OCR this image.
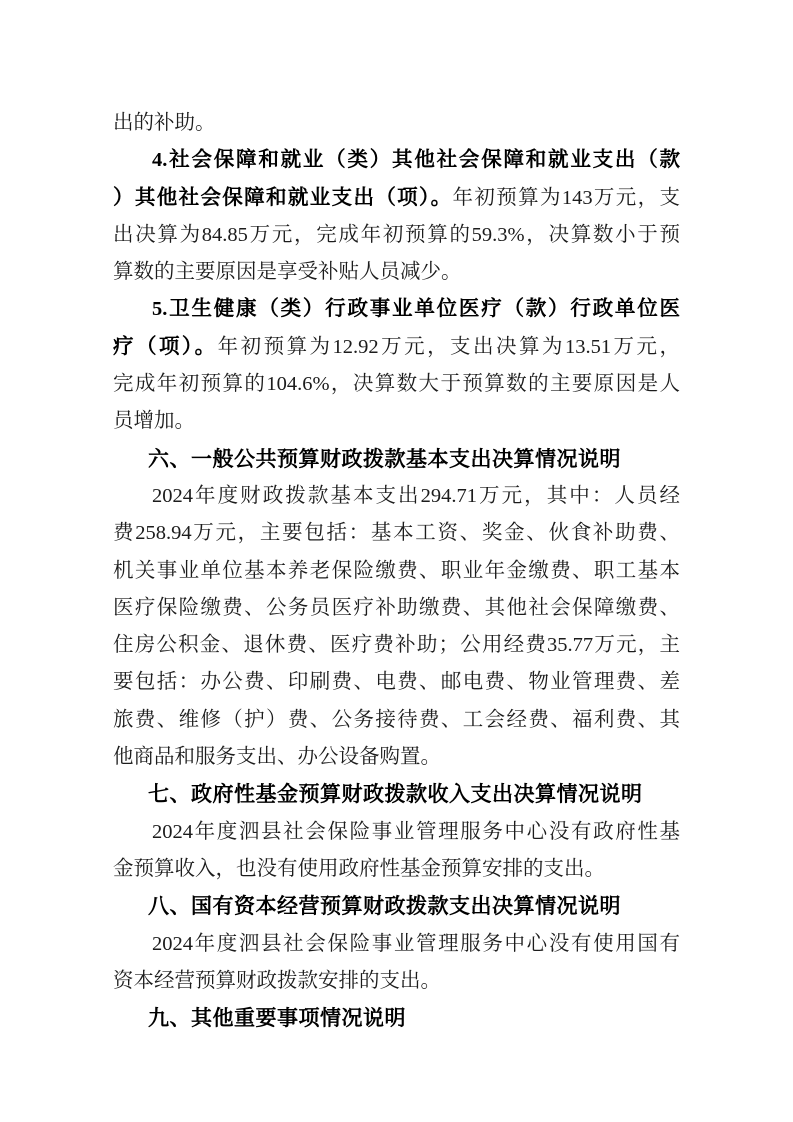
出的补助。
4.社会保障和就业（类）其他社会保障和就业支出（款
）其他社会保障和就业支出（项）。年初预算为143万元，支
出决算为84.85万元，完成年初预算的59.3%，决算数小于预
算数的主要原因是享受补贴人员减少。
5.卫生健康（类）行政事业单位医疗（款）行政单位医
疗（项）。年初预算为12.92万元，支出决算为13.51万元，
完成年初预算的104.6%，决算数大于预算数的主要原因是人
员增加。
六、一般公共预算财政拨款基本支出决算情况说明
2024年度财政拨款基本支出294.71万元，其中：人员经
费258.94万元，主要包括：基本工资、奖金、伙食补助费、
机关事业单位基本养老保险缴费、职业年金缴费、职工基本
医疗保险缴费、公务员医疗补助缴费、其他社会保障缴费、
住房公积金、退休费、医疗费补助；公用经费35.77万元，主
要包括：办公费、印刷费、电费、邮电费、物业管理费、差
旅费、维修（护）费、公务接待费、工会经费、福利费、其
他商品和服务支出、办公设备购置。
七、政府性基金预算财政拨款收入支出决算情况说明
2024年度泗县社会保险事业管理服务中心没有政府性基
金预算收入，也没有使用政府性基金预算安排的支出。
八、国有资本经营预算财政拨款支出决算情况说明
2024年度泗县社会保险事业管理服务中心没有使用国有
资本经营预算财政拨款安排的支出。
九、其他重要事项情况说明
